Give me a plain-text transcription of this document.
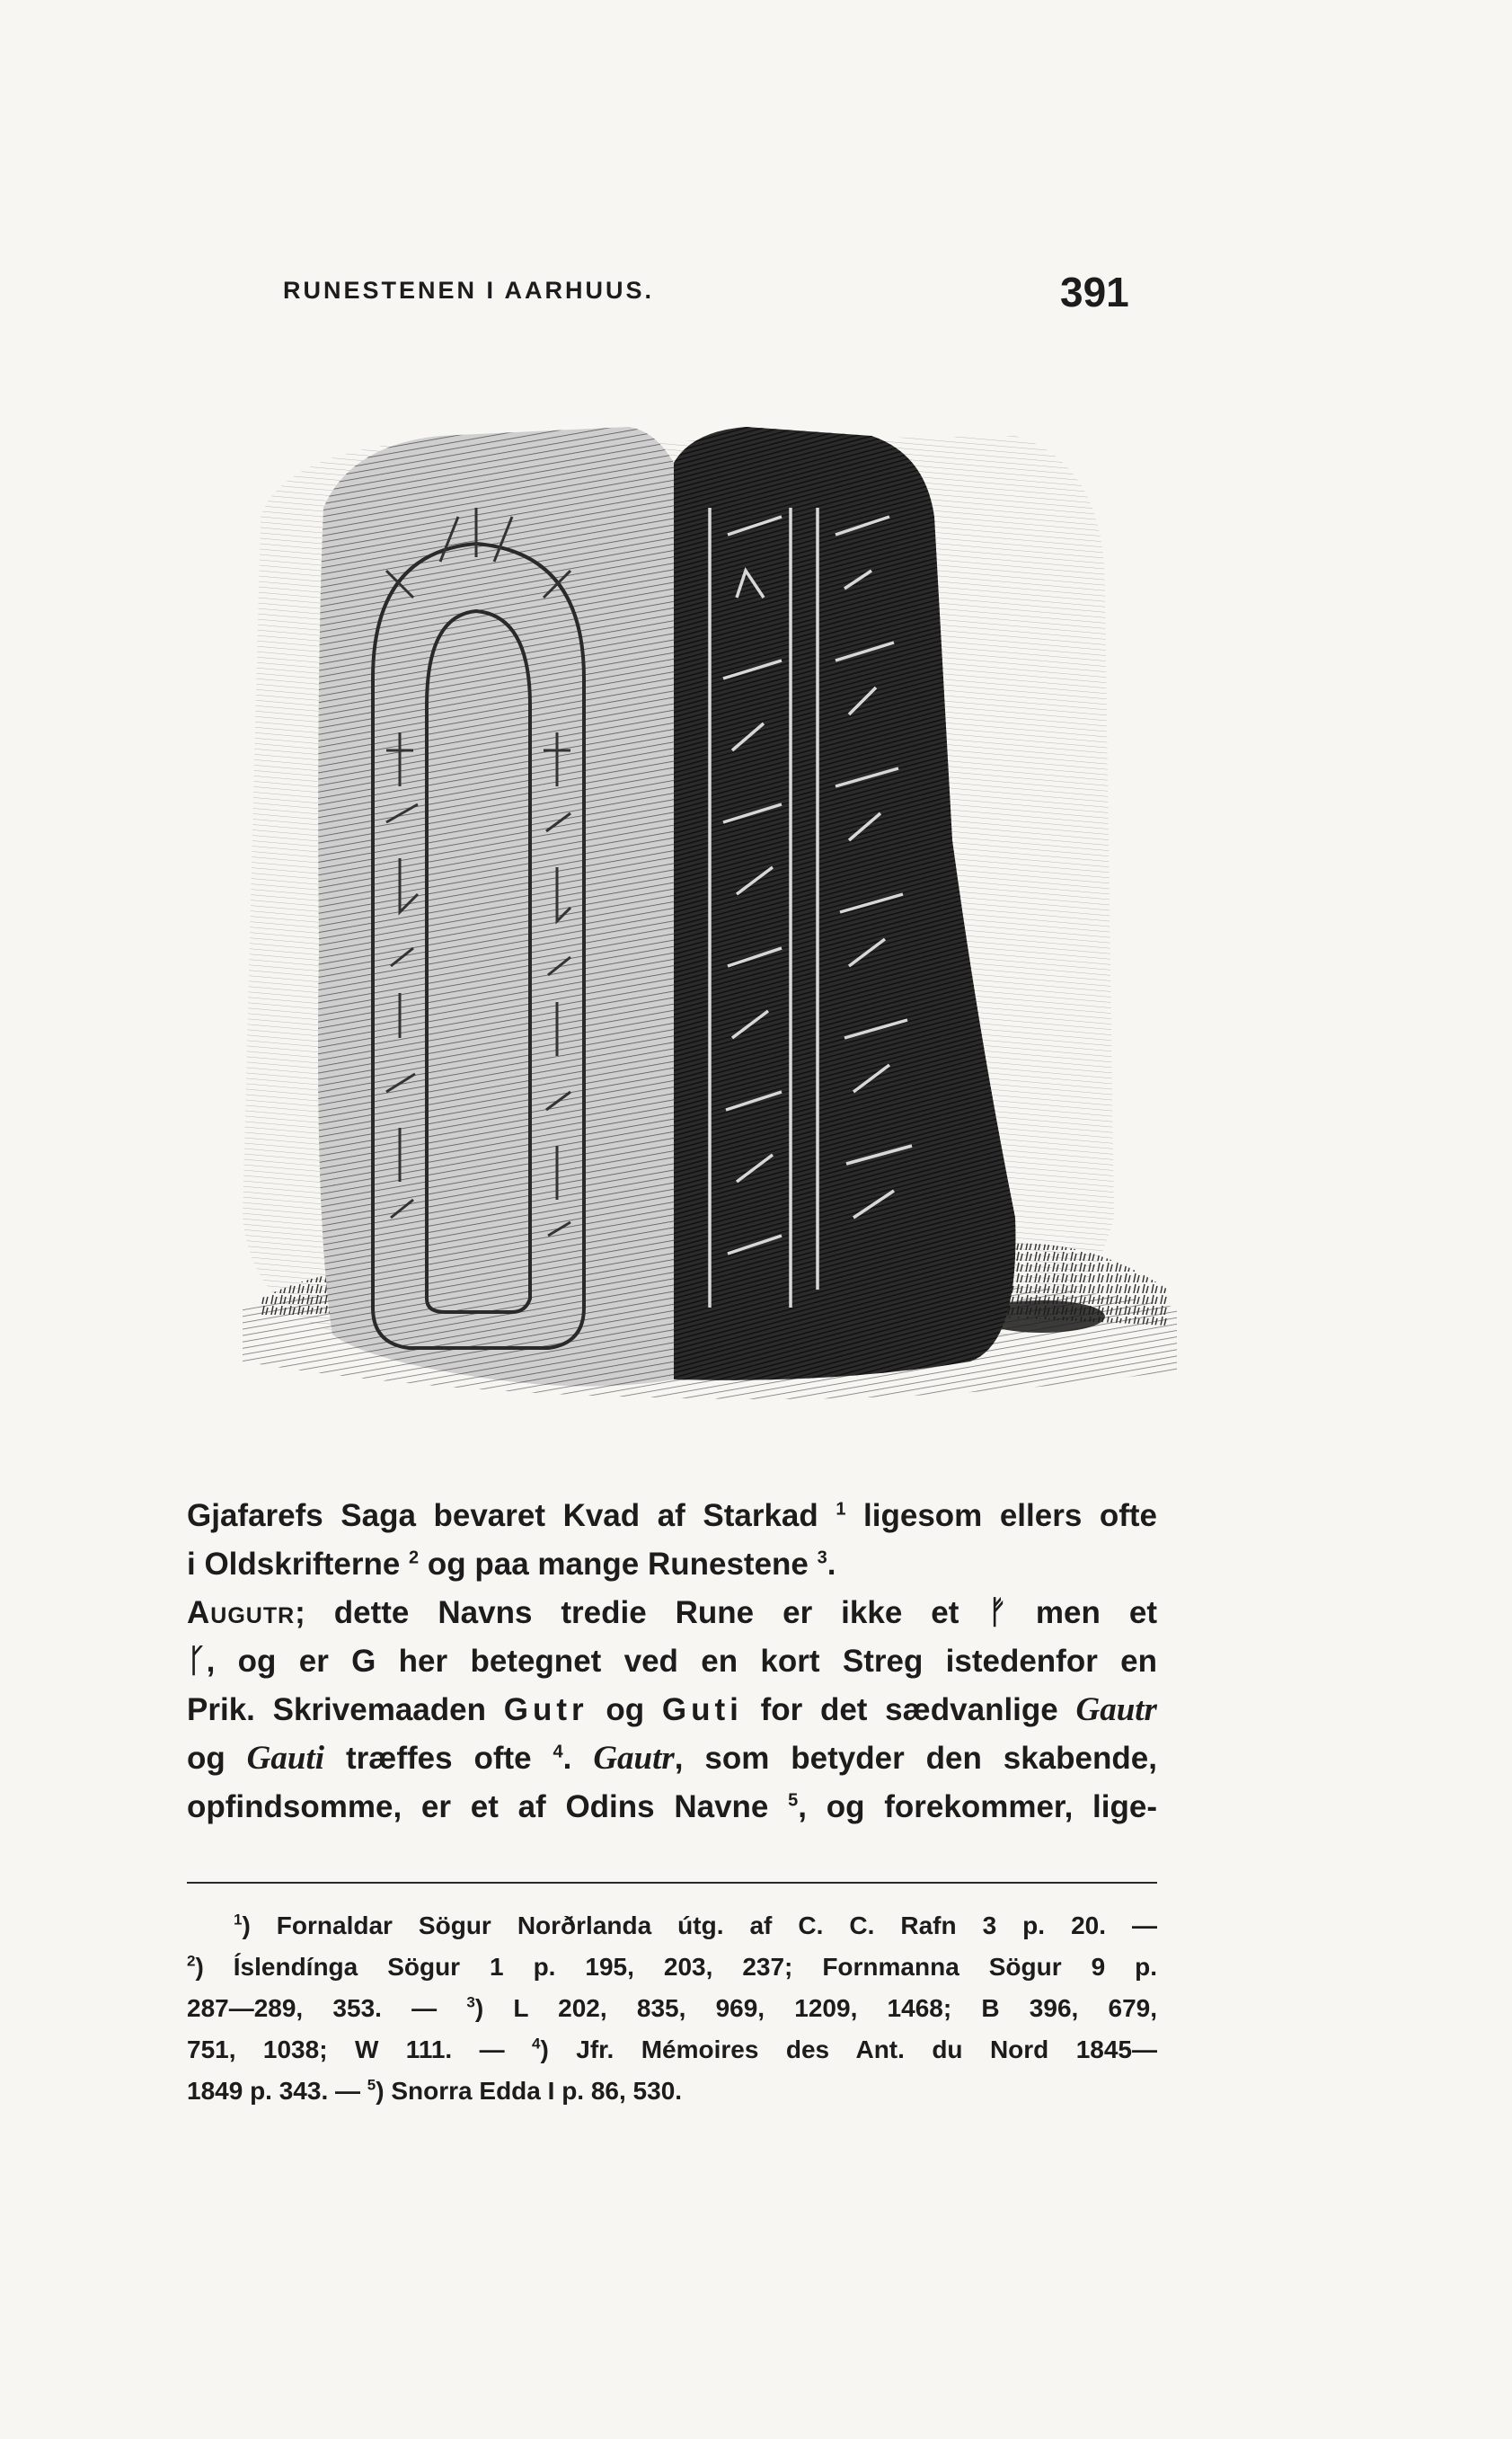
RUNESTENEN I AARHUUS.	391
Gjafarefs Saga bevaret Kvad af Starkad $^1$ ligesom ellers ofte
i Oldskrifterne $^2$ og paa mange Runestene $^3$.
Augutr; dette Navns tredie Rune er ikke et ᚠ men et
ᚴ, og er G her betegnet ved en kort Streg istedenfor en
Prik. Skrivemaaden Gutr og Guti for det sædvanlige Gautr
og Gauti træffes ofte $^4$. Gautr, som betyder den skabende,
opfindsomme, er et af Odins Navne $^5$, og forekommer, lige-
$^1$) Fornaldar Sögur Norðrlanda útg. af C. C. Rafn 3 p. 20. —
$^2$) Íslendínga Sögur 1 p. 195, 203, 237; Fornmanna Sögur 9 p.
287—289, 353. — $^3$) L 202, 835, 969, 1209, 1468; B 396, 679,
751, 1038; W 111. — $^4$) Jfr. Mémoires des Ant. du Nord 1845—
1849 p. 343. — $^5$) Snorra Edda I p. 86, 530.
